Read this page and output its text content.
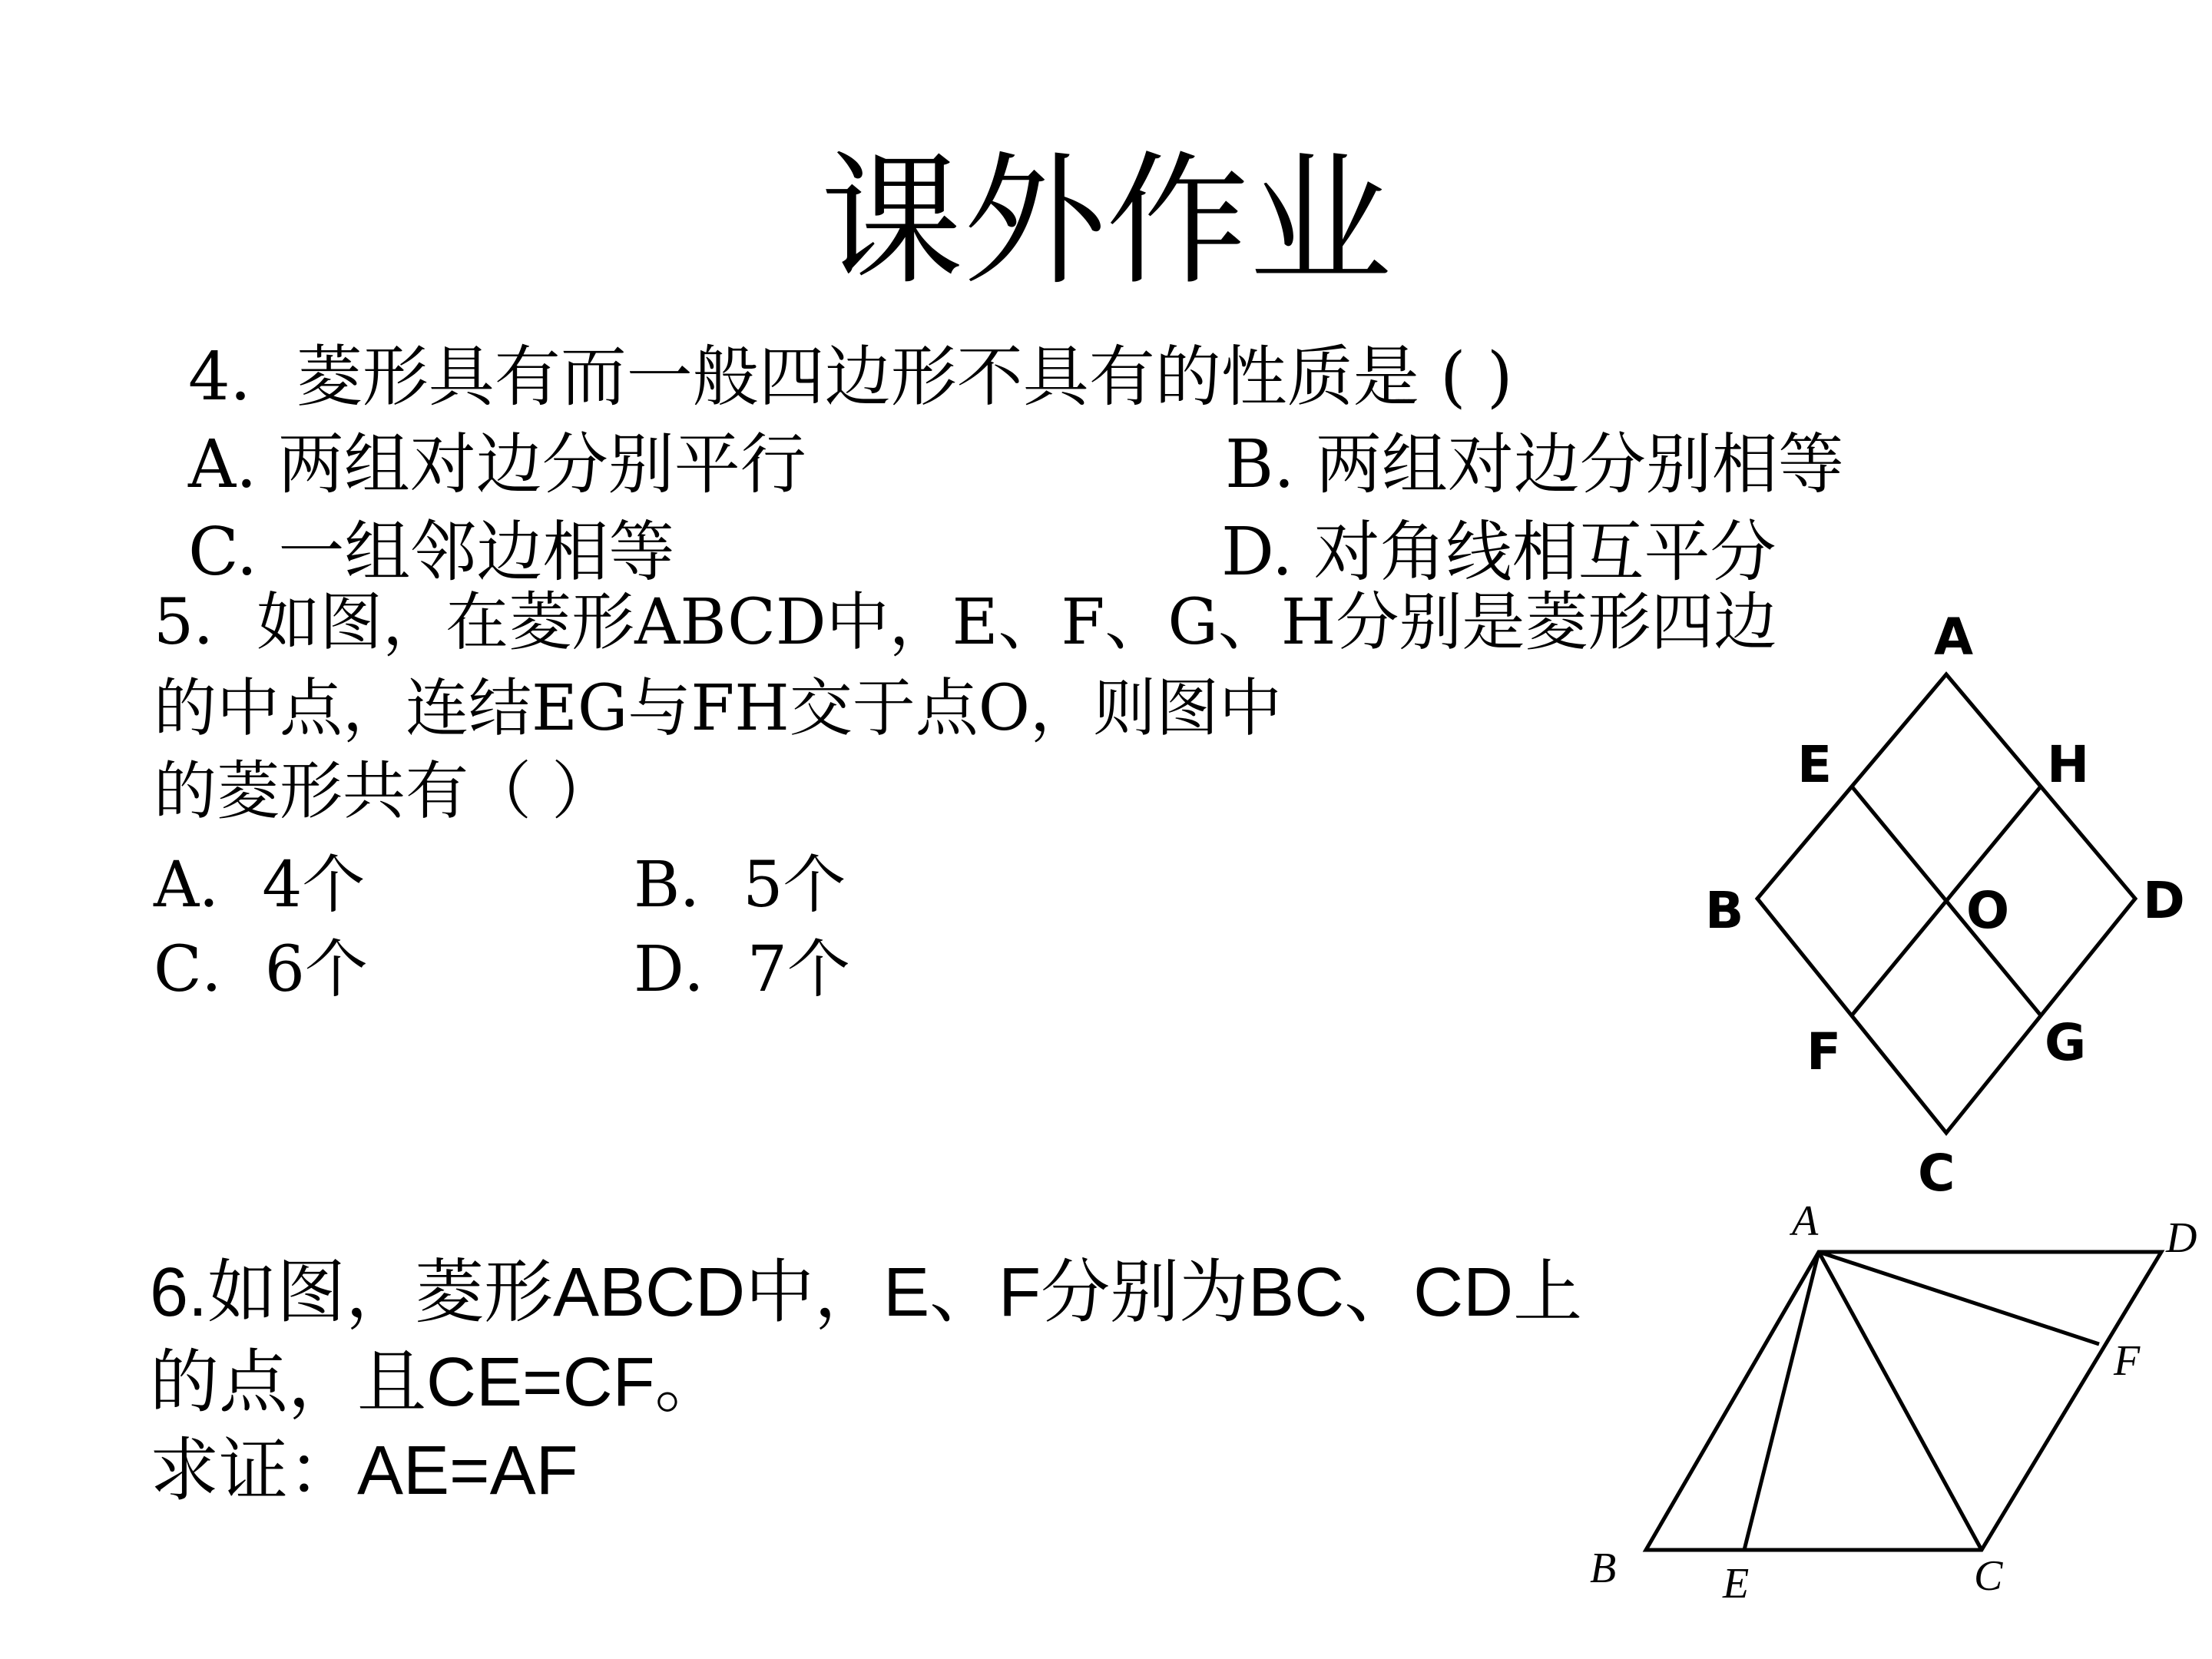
课外作业
4．菱形具有而一般四边形不具有的性质是 ( )
A. 两组对边分别平行	B. 两组对边分别相等
C. 一组邻边相等	D. 对角线相互平分
5．如图，在菱形ABCD中，E、F、G、H分别是菱形四边
的中点，连结EG与FH交于点O，则图中
的菱形共有（ ）
A．4个	B．5个
C．6个	D．7个
A
E	H
B	O	D
F	G
C
6.如图，菱形ABCD中，E、F分别为BC、CD上
的点，且CE=CF。
求证：AE=AF
A	D
F
B E	C
